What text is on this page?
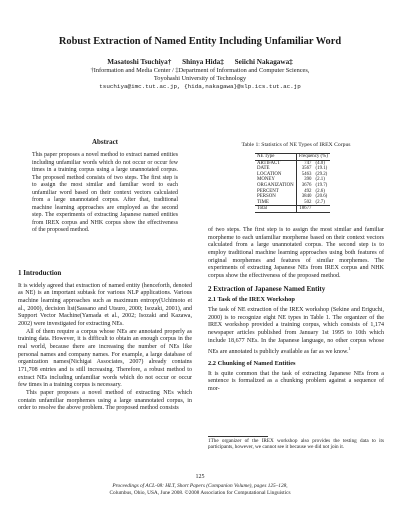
Robust Extraction of Named Entity Including Unfamiliar Word
Masatoshi Tsuchiya†      Shinya Hida‡      Seiichi Nakagawa‡
†Information and Media Center / ‡Department of Information and Computer Sciences,
Toyohashi University of Technology
tsuchiya@imc.tut.ac.jp, {hida,nakagawa}@slp.ics.tut.ac.jp
Abstract
This paper proposes a novel method to extract named entities including unfamiliar words which do not occur or occur few times in a training corpus using a large unannotated corpus. The proposed method consists of two steps. The first step is to assign the most similar and familiar word to each unfamiliar word based on their context vectors calculated from a large unannotated corpus. After that, traditional machine learning approaches are employed as the second step. The experiments of extracting Japanese named entities from IREX corpus and NHK corpus show the effectiveness of the proposed method.

1 Introduction

It is widely agreed that extraction of named entity (henceforth, denoted as NE) is an important subtask for various NLP applications. Various machine learning approaches such as maximum entropy(Uchimoto et al., 2000), decision list(Sassano and Utsuro, 2000; Isozaki, 2001), and Support Vector Machine(Yamada et al., 2002; Isozaki and Kazawa, 2002) were investigated for extracting NEs.

All of them require a corpus whose NEs are annotated properly as training data. However, it is difficult to obtain an enough corpus in the real world, because there are increasing the number of NEs like personal names and company names. For example, a large database of organization names(Nichigai Associates, 2007) already contains 171,708 entries and is still increasing. Therefore, a robust method to extract NEs including unfamiliar words which do not occur or occur few times in a training corpus is necessary.

This paper proposes a novel method of extracting NEs which contain unfamiliar morphemes using a large unannotated corpus, in order to resolve the above problem. The proposed method consists

Table 1: Statistics of NE Types of IREX Corpus
NE Type	Frequency (%)	
ARTIFACT	747	(4.0)
DATE	3567	(19.1)
LOCATION	5463	(29.2)
MONEY	390	(2.1)
ORGANIZATION	3676	(19.7)
PERCENT	492	(2.6)
PERSON	3840	(20.6)
TIME	502	(2.7)
Total	18677	

of two steps. The first step is to assign the most similar and familiar morpheme to each unfamiliar morpheme based on their context vectors calculated from a large unannotated corpus. The second step is to employ traditional machine learning approaches using both features of original morphemes and features of similar morphemes. The experiments of extracting Japanese NEs from IREX corpus and NHK corpus show the effectiveness of the proposed method.

2 Extraction of Japanese Named Entity

2.1 Task of the IREX Workshop

The task of NE extraction of the IREX workshop (Sekine and Eriguchi, 2000) is to recognize eight NE types in Table 1. The organizer of the IREX workshop provided a training corpus, which consists of 1,174 newspaper articles published from January 1st 1995 to 10th which include 18,677 NEs. In the Japanese language, no other corpus whose NEs are annotated is publicly available as far as we know.$^1$

2.2 Chunking of Named Entities

It is quite common that the task of extracting Japanese NEs from a sentence is formalized as a chunking problem against a sequence of mor-

1The organizer of the IREX workshop also provides the testing data to its participants, however, we cannot see it because we did not join it.
125
Proceedings of ACL-08: HLT, Short Papers (Companion Volume), pages 125–128,
Columbus, Ohio, USA, June 2008. ©2008 Association for Computational Linguistics
